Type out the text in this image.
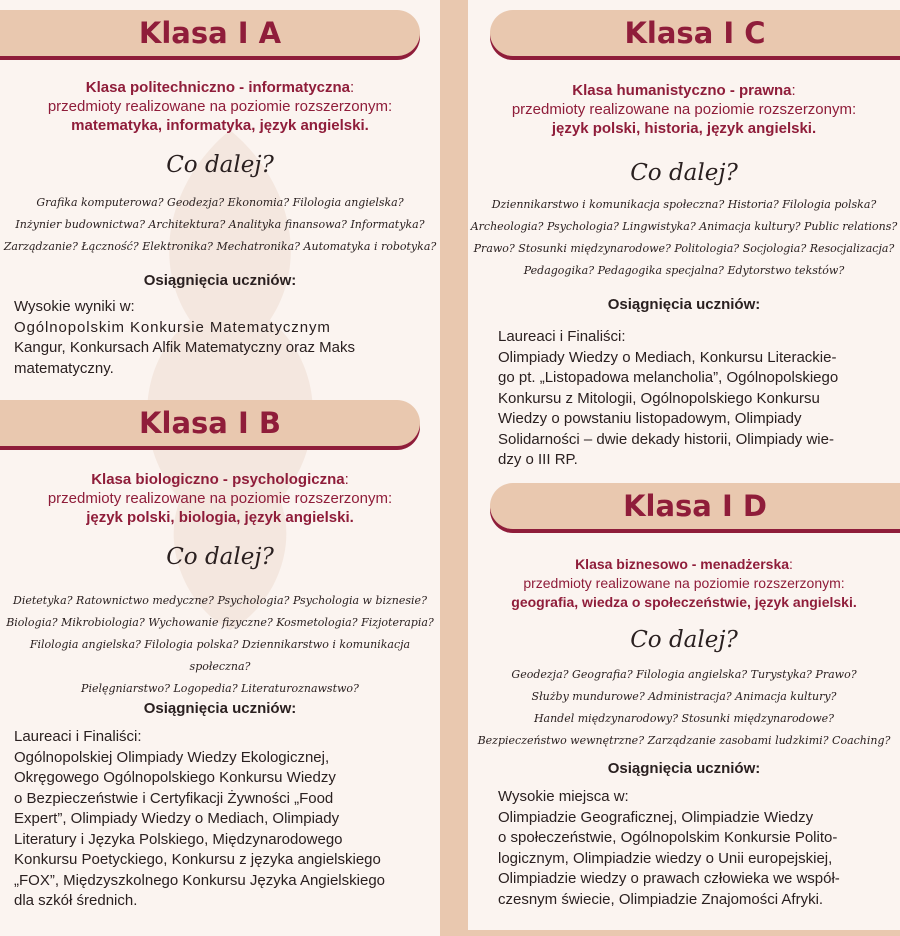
Klasa I A
Klasa politechniczno - informatyczna:
przedmioty realizowane na poziomie rozszerzonym:
matematyka, informatyka, język angielski.
Co dalej?
Grafika komputerowa? Geodezja? Ekonomia? Filologia angielska?
Inżynier budownictwa? Architektura? Analityka finansowa? Informatyka?
Zarządzanie? Łączność? Elektronika? Mechatronika? Automatyka i robotyka?
Osiągnięcia uczniów:
Wysokie wyniki w:
Ogólnopolskim Konkursie Matematycznym
Kangur, Konkursach Alfik Matematyczny oraz Maks
matematyczny.
Klasa I B
Klasa biologiczno - psychologiczna:
przedmioty realizowane na poziomie rozszerzonym:
język polski, biologia, język angielski.
Co dalej?
Dietetyka? Ratownictwo medyczne? Psychologia? Psychologia w biznesie?
Biologia? Mikrobiologia? Wychowanie fizyczne? Kosmetologia? Fizjoterapia?
Filologia angielska? Filologia polska? Dziennikarstwo i komunikacja społeczna?
Pielęgniarstwo? Logopedia? Literaturoznawstwo?
Osiągnięcia uczniów:
Laureaci i Finaliści:
Ogólnopolskiej Olimpiady Wiedzy Ekologicznej,
Okręgowego Ogólnopolskiego Konkursu Wiedzy
o Bezpieczeństwie i Certyfikacji Żywności „Food
Expert”, Olimpiady Wiedzy o Mediach, Olimpiady
Literatury i Języka Polskiego, Międzynarodowego
Konkursu Poetyckiego, Konkursu z języka angielskiego
„FOX”, Międzyszkolnego Konkursu Języka Angielskiego
dla szkół średnich.
Klasa I C
Klasa humanistyczno - prawna:
przedmioty realizowane na poziomie rozszerzonym:
język polski, historia, język angielski.
Co dalej?
Dziennikarstwo i komunikacja społeczna? Historia? Filologia polska?
Archeologia? Psychologia? Lingwistyka? Animacja kultury? Public relations?
Prawo? Stosunki międzynarodowe? Politologia? Socjologia? Resocjalizacja?
Pedagogika? Pedagogika specjalna? Edytorstwo tekstów?
Osiągnięcia uczniów:
Laureaci i Finaliści:
Olimpiady Wiedzy o Mediach, Konkursu Literackie-
go pt. „Listopadowa melancholia”, Ogólnopolskiego
Konkursu z Mitologii, Ogólnopolskiego Konkursu
Wiedzy o powstaniu listopadowym, Olimpiady
Solidarności – dwie dekady historii, Olimpiady wie-
dzy o III RP.
Klasa I D
Klasa biznesowo - menadżerska:
przedmioty realizowane na poziomie rozszerzonym:
geografia, wiedza o społeczeństwie, język angielski.
Co dalej?
Geodezja? Geografia? Filologia angielska? Turystyka? Prawo?
Służby mundurowe? Administracja? Animacja kultury?
Handel międzynarodowy? Stosunki międzynarodowe?
Bezpieczeństwo wewnętrzne? Zarządzanie zasobami ludzkimi? Coaching?
Osiągnięcia uczniów:
Wysokie miejsca w:
Olimpiadzie Geograficznej, Olimpiadzie Wiedzy
o społeczeństwie, Ogólnopolskim Konkursie Polito-
logicznym, Olimpiadzie wiedzy o Unii europejskiej,
Olimpiadzie wiedzy o prawach człowieka we współ-
czesnym świecie, Olimpiadzie Znajomości Afryki.
